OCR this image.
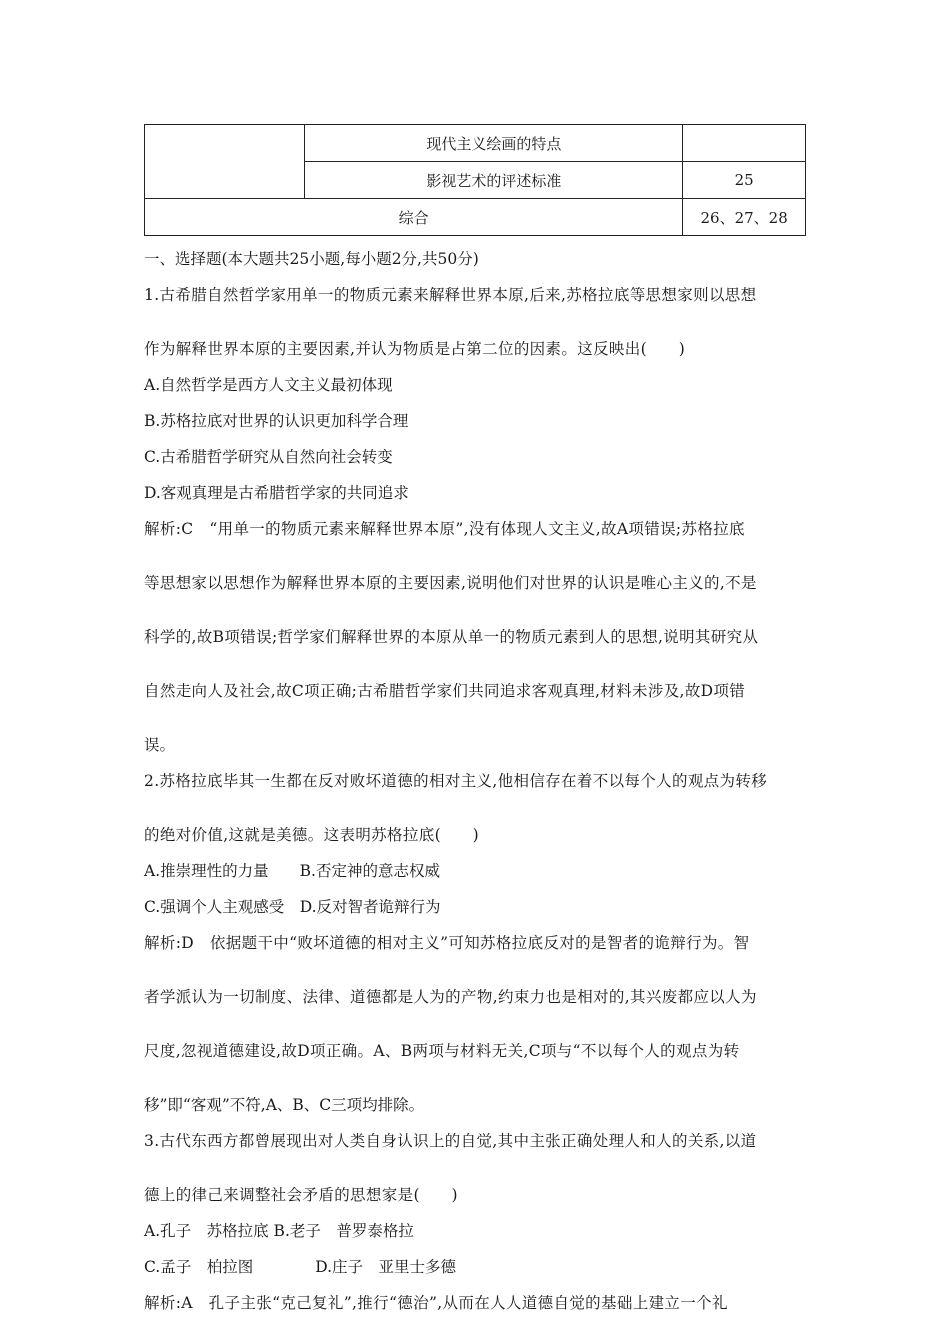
	现代主义绘画的特点	
	影视艺术的评述标准	25
综合		26、27、28
一、选择题(本大题共25小题,每小题2分,共50分)
1.古希腊自然哲学家用单一的物质元素来解释世界本原,后来,苏格拉底等思想家则以思想
作为解释世界本原的主要因素,并认为物质是占第二位的因素。这反映出(　　)
A.自然哲学是西方人文主义最初体现
B.苏格拉底对世界的认识更加科学合理
C.古希腊哲学研究从自然向社会转变
D.客观真理是古希腊哲学家的共同追求
解析:C　“用单一的物质元素来解释世界本原”,没有体现人文主义,故A项错误;苏格拉底
等思想家以思想作为解释世界本原的主要因素,说明他们对世界的认识是唯心主义的,不是
科学的,故B项错误;哲学家们解释世界的本原从单一的物质元素到人的思想,说明其研究从
自然走向人及社会,故C项正确;古希腊哲学家们共同追求客观真理,材料未涉及,故D项错
误。
2.苏格拉底毕其一生都在反对败坏道德的相对主义,他相信存在着不以每个人的观点为转移
的绝对价值,这就是美德。这表明苏格拉底(　　)
A.推崇理性的力量　　B.否定神的意志权威
C.强调个人主观感受　D.反对智者诡辩行为
解析:D　依据题干中“败坏道德的相对主义”可知苏格拉底反对的是智者的诡辩行为。智
者学派认为一切制度、法律、道德都是人为的产物,约束力也是相对的,其兴废都应以人为
尺度,忽视道德建设,故D项正确。A、B两项与材料无关,C项与“不以每个人的观点为转
移”即“客观”不符,A、B、C三项均排除。
3.古代东西方都曾展现出对人类自身认识上的自觉,其中主张正确处理人和人的关系,以道
德上的律己来调整社会矛盾的思想家是(　　)
A.孔子　苏格拉底 B.老子　普罗泰格拉
C.孟子　柏拉图　　　　D.庄子　亚里士多德
解析:A　孔子主张“克己复礼”,推行“德治”,从而在人人道德自觉的基础上建立一个礼
